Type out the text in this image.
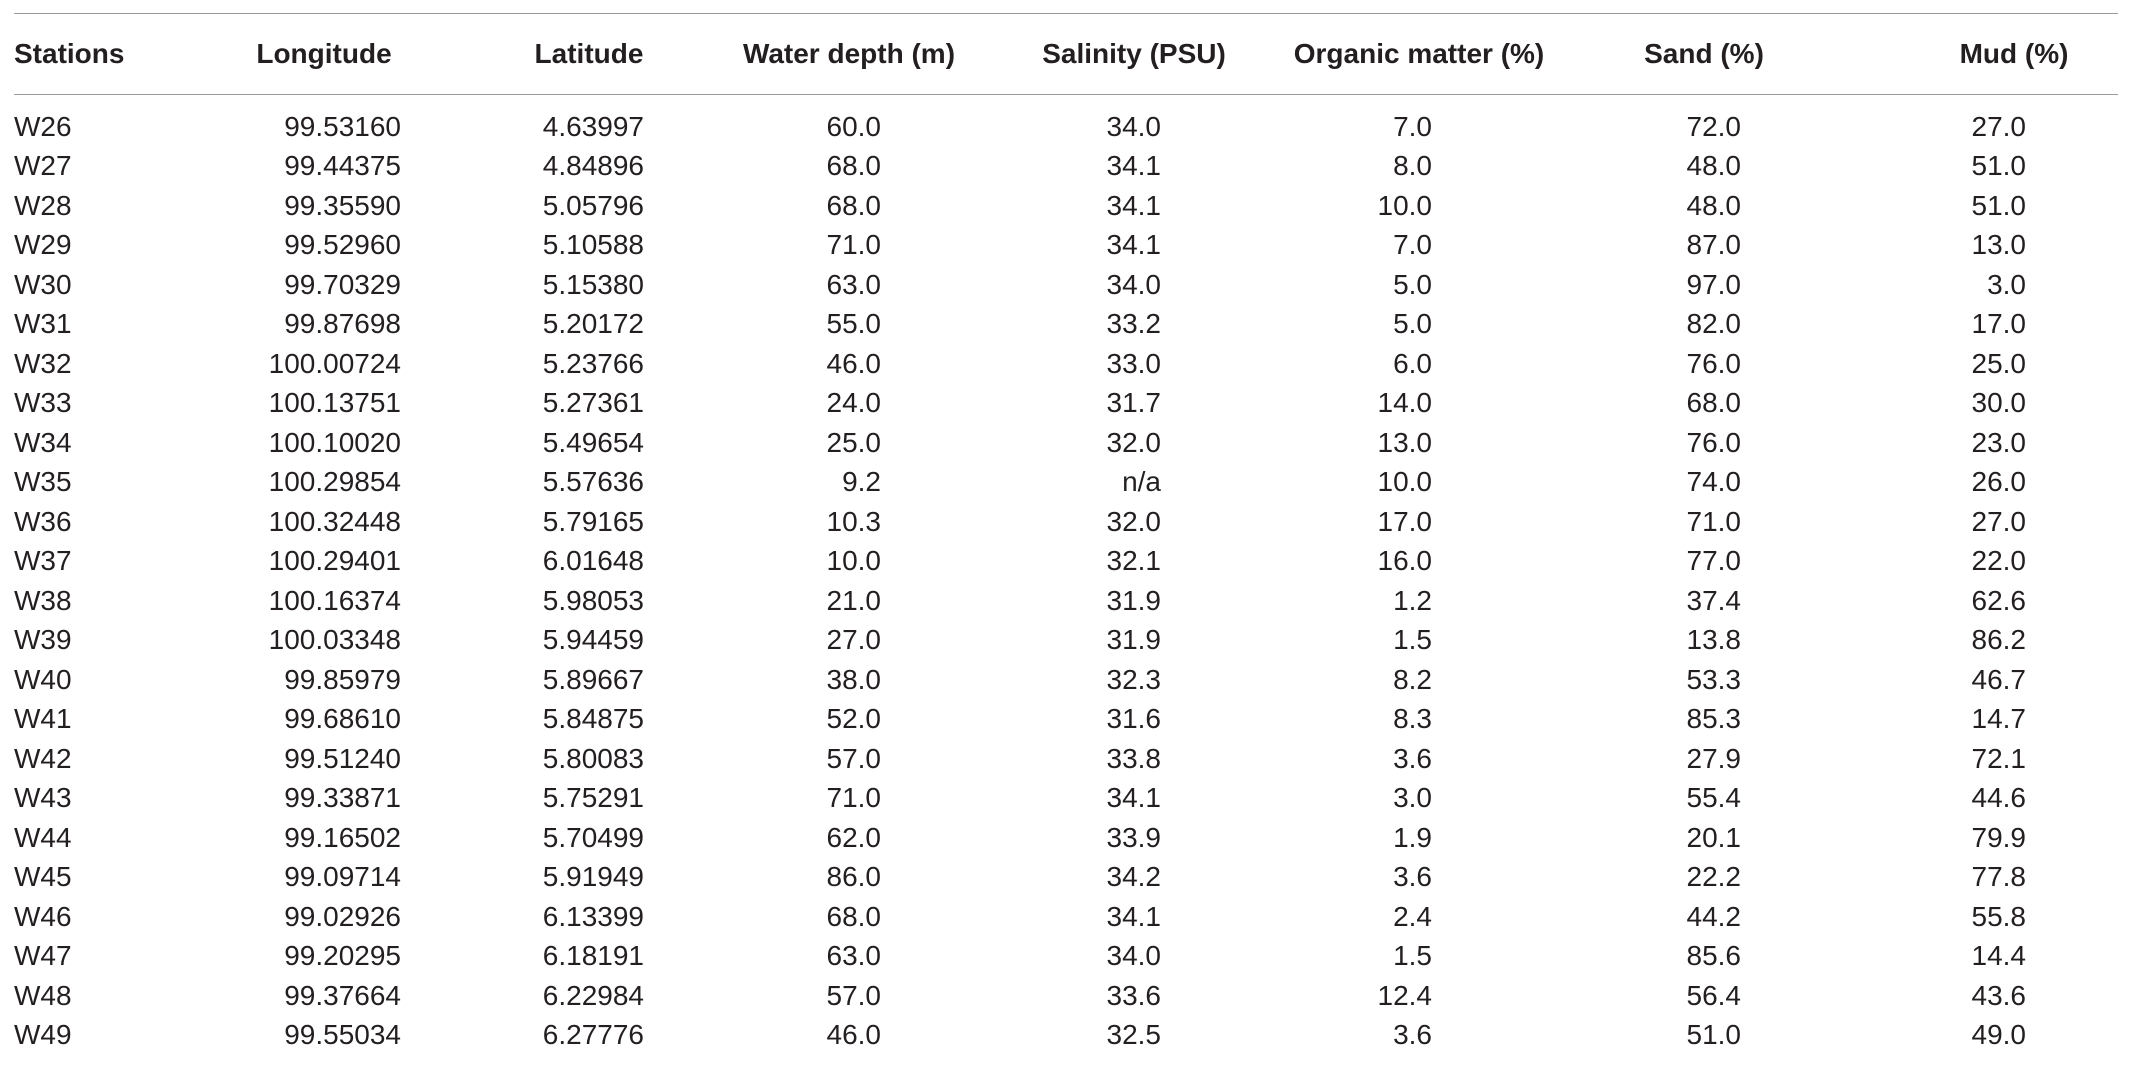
Stations	Longitude	Latitude	Water depth (m)	Salinity (PSU)	Organic matter (%)	Sand (%)	Mud (%)
W26	99.53160	4.63997	60.0	34.0	7.0	72.0	27.0
W27	99.44375	4.84896	68.0	34.1	8.0	48.0	51.0
W28	99.35590	5.05796	68.0	34.1	10.0	48.0	51.0
W29	99.52960	5.10588	71.0	34.1	7.0	87.0	13.0
W30	99.70329	5.15380	63.0	34.0	5.0	97.0	3.0
W31	99.87698	5.20172	55.0	33.2	5.0	82.0	17.0
W32	100.00724	5.23766	46.0	33.0	6.0	76.0	25.0
W33	100.13751	5.27361	24.0	31.7	14.0	68.0	30.0
W34	100.10020	5.49654	25.0	32.0	13.0	76.0	23.0
W35	100.29854	5.57636	9.2	n/a	10.0	74.0	26.0
W36	100.32448	5.79165	10.3	32.0	17.0	71.0	27.0
W37	100.29401	6.01648	10.0	32.1	16.0	77.0	22.0
W38	100.16374	5.98053	21.0	31.9	1.2	37.4	62.6
W39	100.03348	5.94459	27.0	31.9	1.5	13.8	86.2
W40	99.85979	5.89667	38.0	32.3	8.2	53.3	46.7
W41	99.68610	5.84875	52.0	31.6	8.3	85.3	14.7
W42	99.51240	5.80083	57.0	33.8	3.6	27.9	72.1
W43	99.33871	5.75291	71.0	34.1	3.0	55.4	44.6
W44	99.16502	5.70499	62.0	33.9	1.9	20.1	79.9
W45	99.09714	5.91949	86.0	34.2	3.6	22.2	77.8
W46	99.02926	6.13399	68.0	34.1	2.4	44.2	55.8
W47	99.20295	6.18191	63.0	34.0	1.5	85.6	14.4
W48	99.37664	6.22984	57.0	33.6	12.4	56.4	43.6
W49	99.55034	6.27776	46.0	32.5	3.6	51.0	49.0
